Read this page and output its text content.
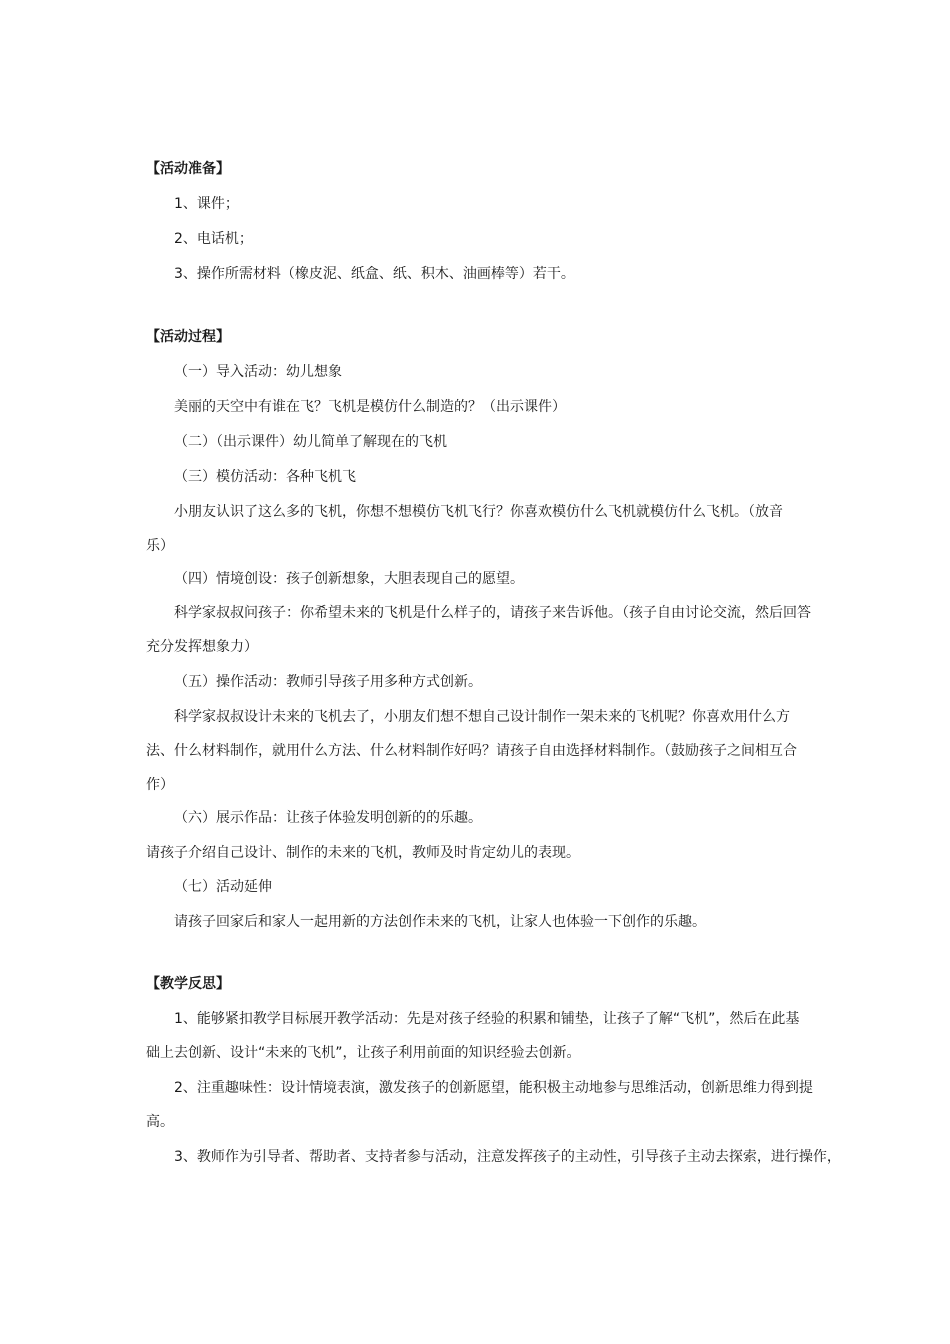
【活动准备】

1、课件；

2、电话机；

3、操作所需材料（橡皮泥、纸盒、纸、积木、油画棒等）若干。

【活动过程】

（一）导入活动：幼儿想象

美丽的天空中有谁在飞？飞机是模仿什么制造的？（出示课件）

（二）（出示课件）幼儿简单了解现在的飞机

（三）模仿活动：各种飞机飞

小朋友认识了这么多的飞机，你想不想模仿飞机飞行？你喜欢模仿什么飞机就模仿什么飞机。（放音

乐）

（四）情境创设：孩子创新想象，大胆表现自己的愿望。

科学家叔叔问孩子：你希望未来的飞机是什么样子的，请孩子来告诉他。（孩子自由讨论交流，然后回答

充分发挥想象力）

（五）操作活动：教师引导孩子用多种方式创新。

科学家叔叔设计未来的飞机去了，小朋友们想不想自己设计制作一架未来的飞机呢？你喜欢用什么方

法、什么材料制作，就用什么方法、什么材料制作好吗？请孩子自由选择材料制作。（鼓励孩子之间相互合

作）

（六）展示作品：让孩子体验发明创新的的乐趣。

请孩子介绍自己设计、制作的未来的飞机，教师及时肯定幼儿的表现。

（七）活动延伸

请孩子回家后和家人一起用新的方法创作未来的飞机，让家人也体验一下创作的乐趣。

【教学反思】

1、能够紧扣教学目标展开教学活动：先是对孩子经验的积累和铺垫，让孩子了解“飞机”，然后在此基

础上去创新、设计“未来的飞机”，让孩子利用前面的知识经验去创新。

2、注重趣味性：设计情境表演，激发孩子的创新愿望，能积极主动地参与思维活动，创新思维力得到提

高。

3、教师作为引导者、帮助者、支持者参与活动，注意发挥孩子的主动性，引导孩子主动去探索，进行操作，
